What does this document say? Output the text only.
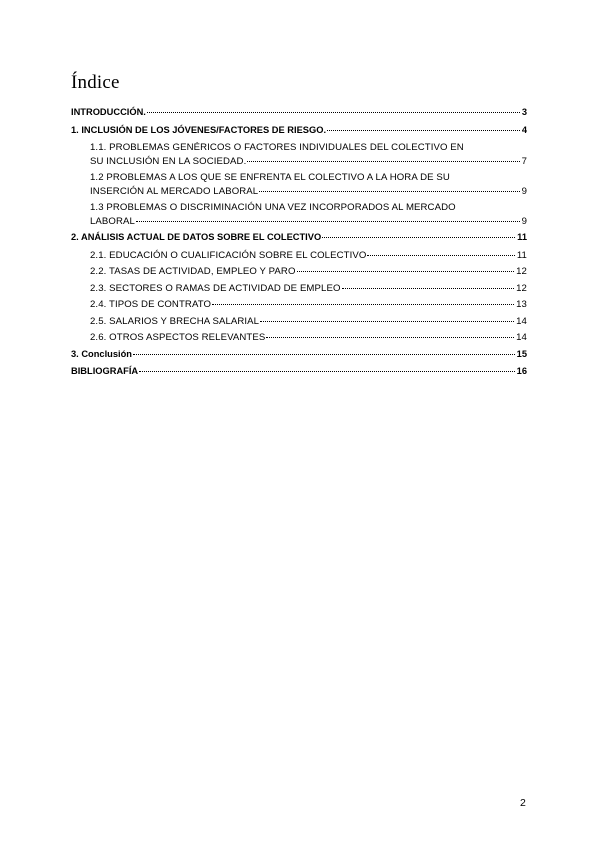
Índice
INTRODUCCIÓN.	3
1. INCLUSIÓN DE LOS JÓVENES/FACTORES DE RIESGO.	4
1.1. PROBLEMAS GENÉRICOS O FACTORES INDIVIDUALES DEL COLECTIVO EN
SU INCLUSIÓN EN LA SOCIEDAD.	7
1.2 PROBLEMAS A LOS QUE SE ENFRENTA EL COLECTIVO A LA HORA DE SU
INSERCIÓN AL MERCADO LABORAL	9
1.3 PROBLEMAS O DISCRIMINACIÓN UNA VEZ INCORPORADOS AL MERCADO
LABORAL	9
2. ANÁLISIS ACTUAL DE DATOS SOBRE EL COLECTIVO	11
2.1. EDUCACIÓN O CUALIFICACIÓN SOBRE EL COLECTIVO	11
2.2. TASAS DE ACTIVIDAD, EMPLEO Y PARO	12
2.3. SECTORES O RAMAS DE ACTIVIDAD DE EMPLEO	12
2.4. TIPOS DE CONTRATO	13
2.5. SALARIOS Y BRECHA SALARIAL	14
2.6. OTROS ASPECTOS RELEVANTES	14
3. Conclusión	15
BIBLIOGRAFÍA	16
2
